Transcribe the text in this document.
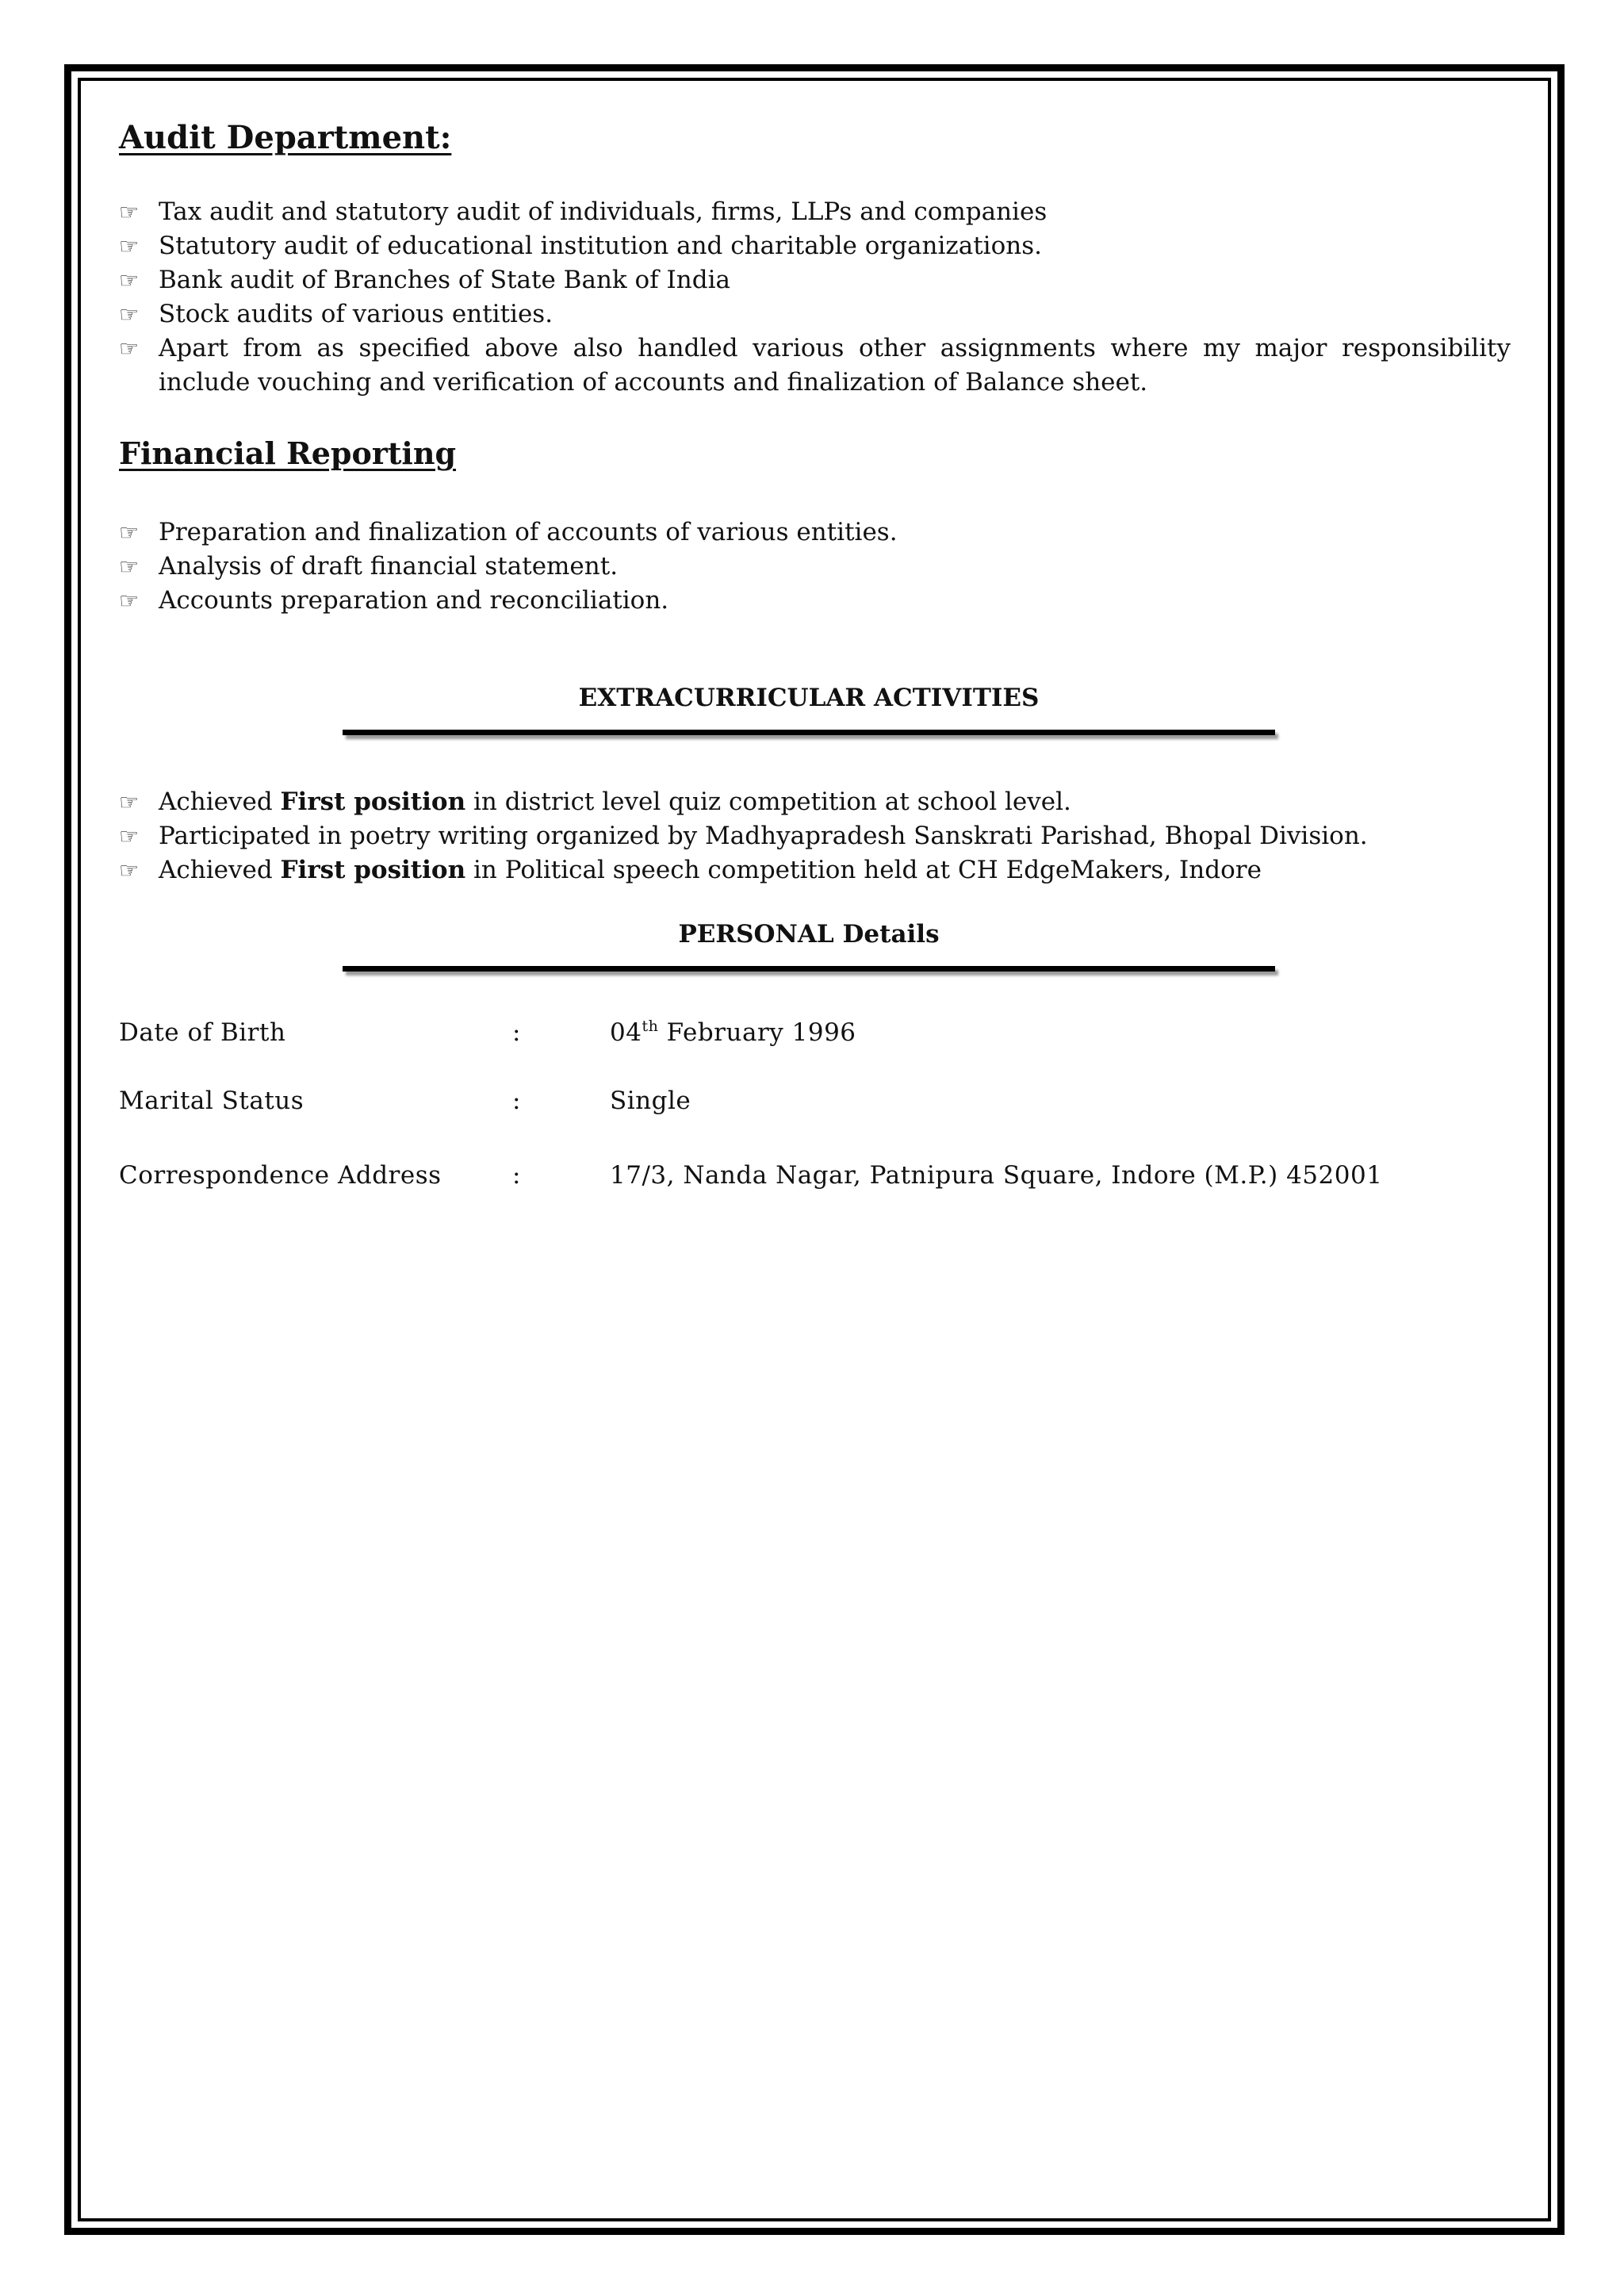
Audit Department:
☞ Tax audit and statutory audit of individuals, firms, LLPs and companies
☞ Statutory audit of educational institution and charitable organizations.
☞ Bank audit of Branches of State Bank of India
☞ Stock audits of various entities.
☞ Apart from as specified above also handled various other assignments where my major responsibility include vouching and verification of accounts and finalization of Balance sheet.
Financial Reporting
☞ Preparation and finalization of accounts of various entities.
☞ Analysis of draft financial statement.
☞ Accounts preparation and reconciliation.
EXTRACURRICULAR ACTIVITIES
☞ Achieved First position in district level quiz competition at school level.
☞ Participated in poetry writing organized by Madhyapradesh Sanskrati Parishad, Bhopal Division.
☞ Achieved First position in Political speech competition held at CH EdgeMakers, Indore
PERSONAL Details
Date of Birth	:	04th February 1996
Marital Status	:	Single
Correspondence Address	:	17/3, Nanda Nagar, Patnipura Square, Indore (M.P.) 452001
